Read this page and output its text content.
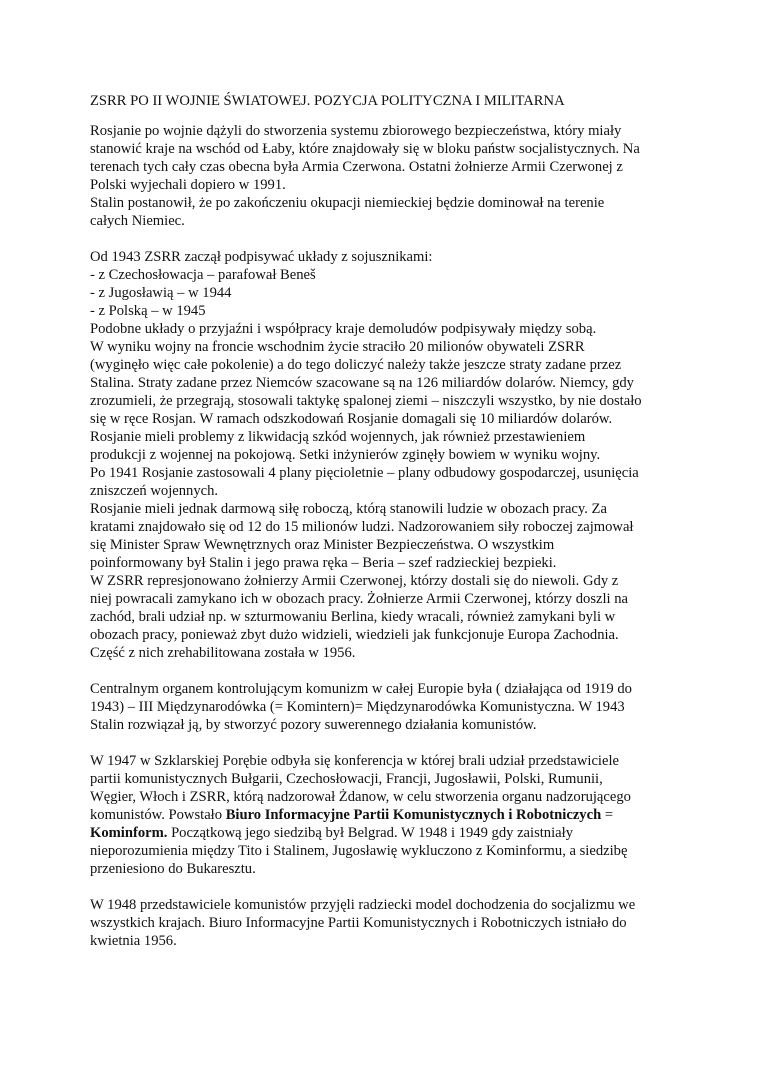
ZSRR PO II WOJNIE ŚWIATOWEJ. POZYCJA POLITYCZNA I MILITARNA

Rosjanie po wojnie dążyli do stworzenia systemu zbiorowego bezpieczeństwa, który miały
stanowić kraje na wschód od Łaby, które znajdowały się w bloku państw socjalistycznych. Na
terenach tych cały czas obecna była Armia Czerwona. Ostatni żołnierze Armii Czerwonej z
Polski wyjechali dopiero w 1991.
Stalin postanowił, że po zakończeniu okupacji niemieckiej będzie dominował na terenie
całych Niemiec.
Od 1943 ZSRR zaczął podpisywać układy z sojusznikami:
- z Czechosłowacja – parafował Beneš
- z Jugosławią – w 1944
- z Polską – w 1945
Podobne układy o przyjaźni i współpracy kraje demoludów podpisywały między sobą.
W wyniku wojny na froncie wschodnim życie straciło 20 milionów obywateli ZSRR
(wyginęło więc całe pokolenie) a do tego doliczyć należy także jeszcze straty zadane przez
Stalina. Straty zadane przez Niemców szacowane są na 126 miliardów dolarów. Niemcy, gdy
zrozumieli, że przegrają, stosowali taktykę spalonej ziemi – niszczyli wszystko, by nie dostało
się w ręce Rosjan. W ramach odszkodowań Rosjanie domagali się 10 miliardów dolarów.
Rosjanie mieli problemy z likwidacją szkód wojennych, jak również przestawieniem
produkcji z wojennej na pokojową. Setki inżynierów zginęły bowiem w wyniku wojny.
Po 1941 Rosjanie zastosowali 4 plany pięcioletnie – plany odbudowy gospodarczej, usunięcia
zniszczeń wojennych.
Rosjanie mieli jednak darmową siłę roboczą, którą stanowili ludzie w obozach pracy. Za
kratami znajdowało się od 12 do 15 milionów ludzi. Nadzorowaniem siły roboczej zajmował
się Minister Spraw Wewnętrznych oraz Minister Bezpieczeństwa. O wszystkim
poinformowany był Stalin i jego prawa ręka – Beria – szef radzieckiej bezpieki.
W ZSRR represjonowano żołnierzy Armii Czerwonej, którzy dostali się do niewoli. Gdy z
niej powracali zamykano ich w obozach pracy. Żołnierze Armii Czerwonej, którzy doszli na
zachód, brali udział np. w szturmowaniu Berlina, kiedy wracali, również zamykani byli w
obozach pracy, ponieważ zbyt dużo widzieli, wiedzieli jak funkcjonuje Europa Zachodnia.
Część z nich zrehabilitowana została w 1956.
Centralnym organem kontrolującym komunizm w całej Europie była ( działająca od 1919 do
1943) – III Międzynarodówka (= Komintern)= Międzynarodówka Komunistyczna. W 1943
Stalin rozwiązał ją, by stworzyć pozory suwerennego działania komunistów.
W 1947 w Szklarskiej Porębie odbyła się konferencja w której brali udział przedstawiciele
partii komunistycznych Bułgarii, Czechosłowacji, Francji, Jugosławii, Polski, Rumunii,
Węgier, Włoch i ZSRR, którą nadzorował Żdanow, w celu stworzenia organu nadzorującego
komunistów. Powstało Biuro Informacyjne Partii Komunistycznych i Robotniczych =
Kominform. Początkową jego siedzibą był Belgrad. W 1948 i 1949 gdy zaistniały
nieporozumienia między Tito i Stalinem, Jugosławię wykluczono z Kominformu, a siedzibę
przeniesiono do Bukaresztu.
W 1948 przedstawiciele komunistów przyjęli radziecki model dochodzenia do socjalizmu we
wszystkich krajach. Biuro Informacyjne Partii Komunistycznych i Robotniczych istniało do
kwietnia 1956.
